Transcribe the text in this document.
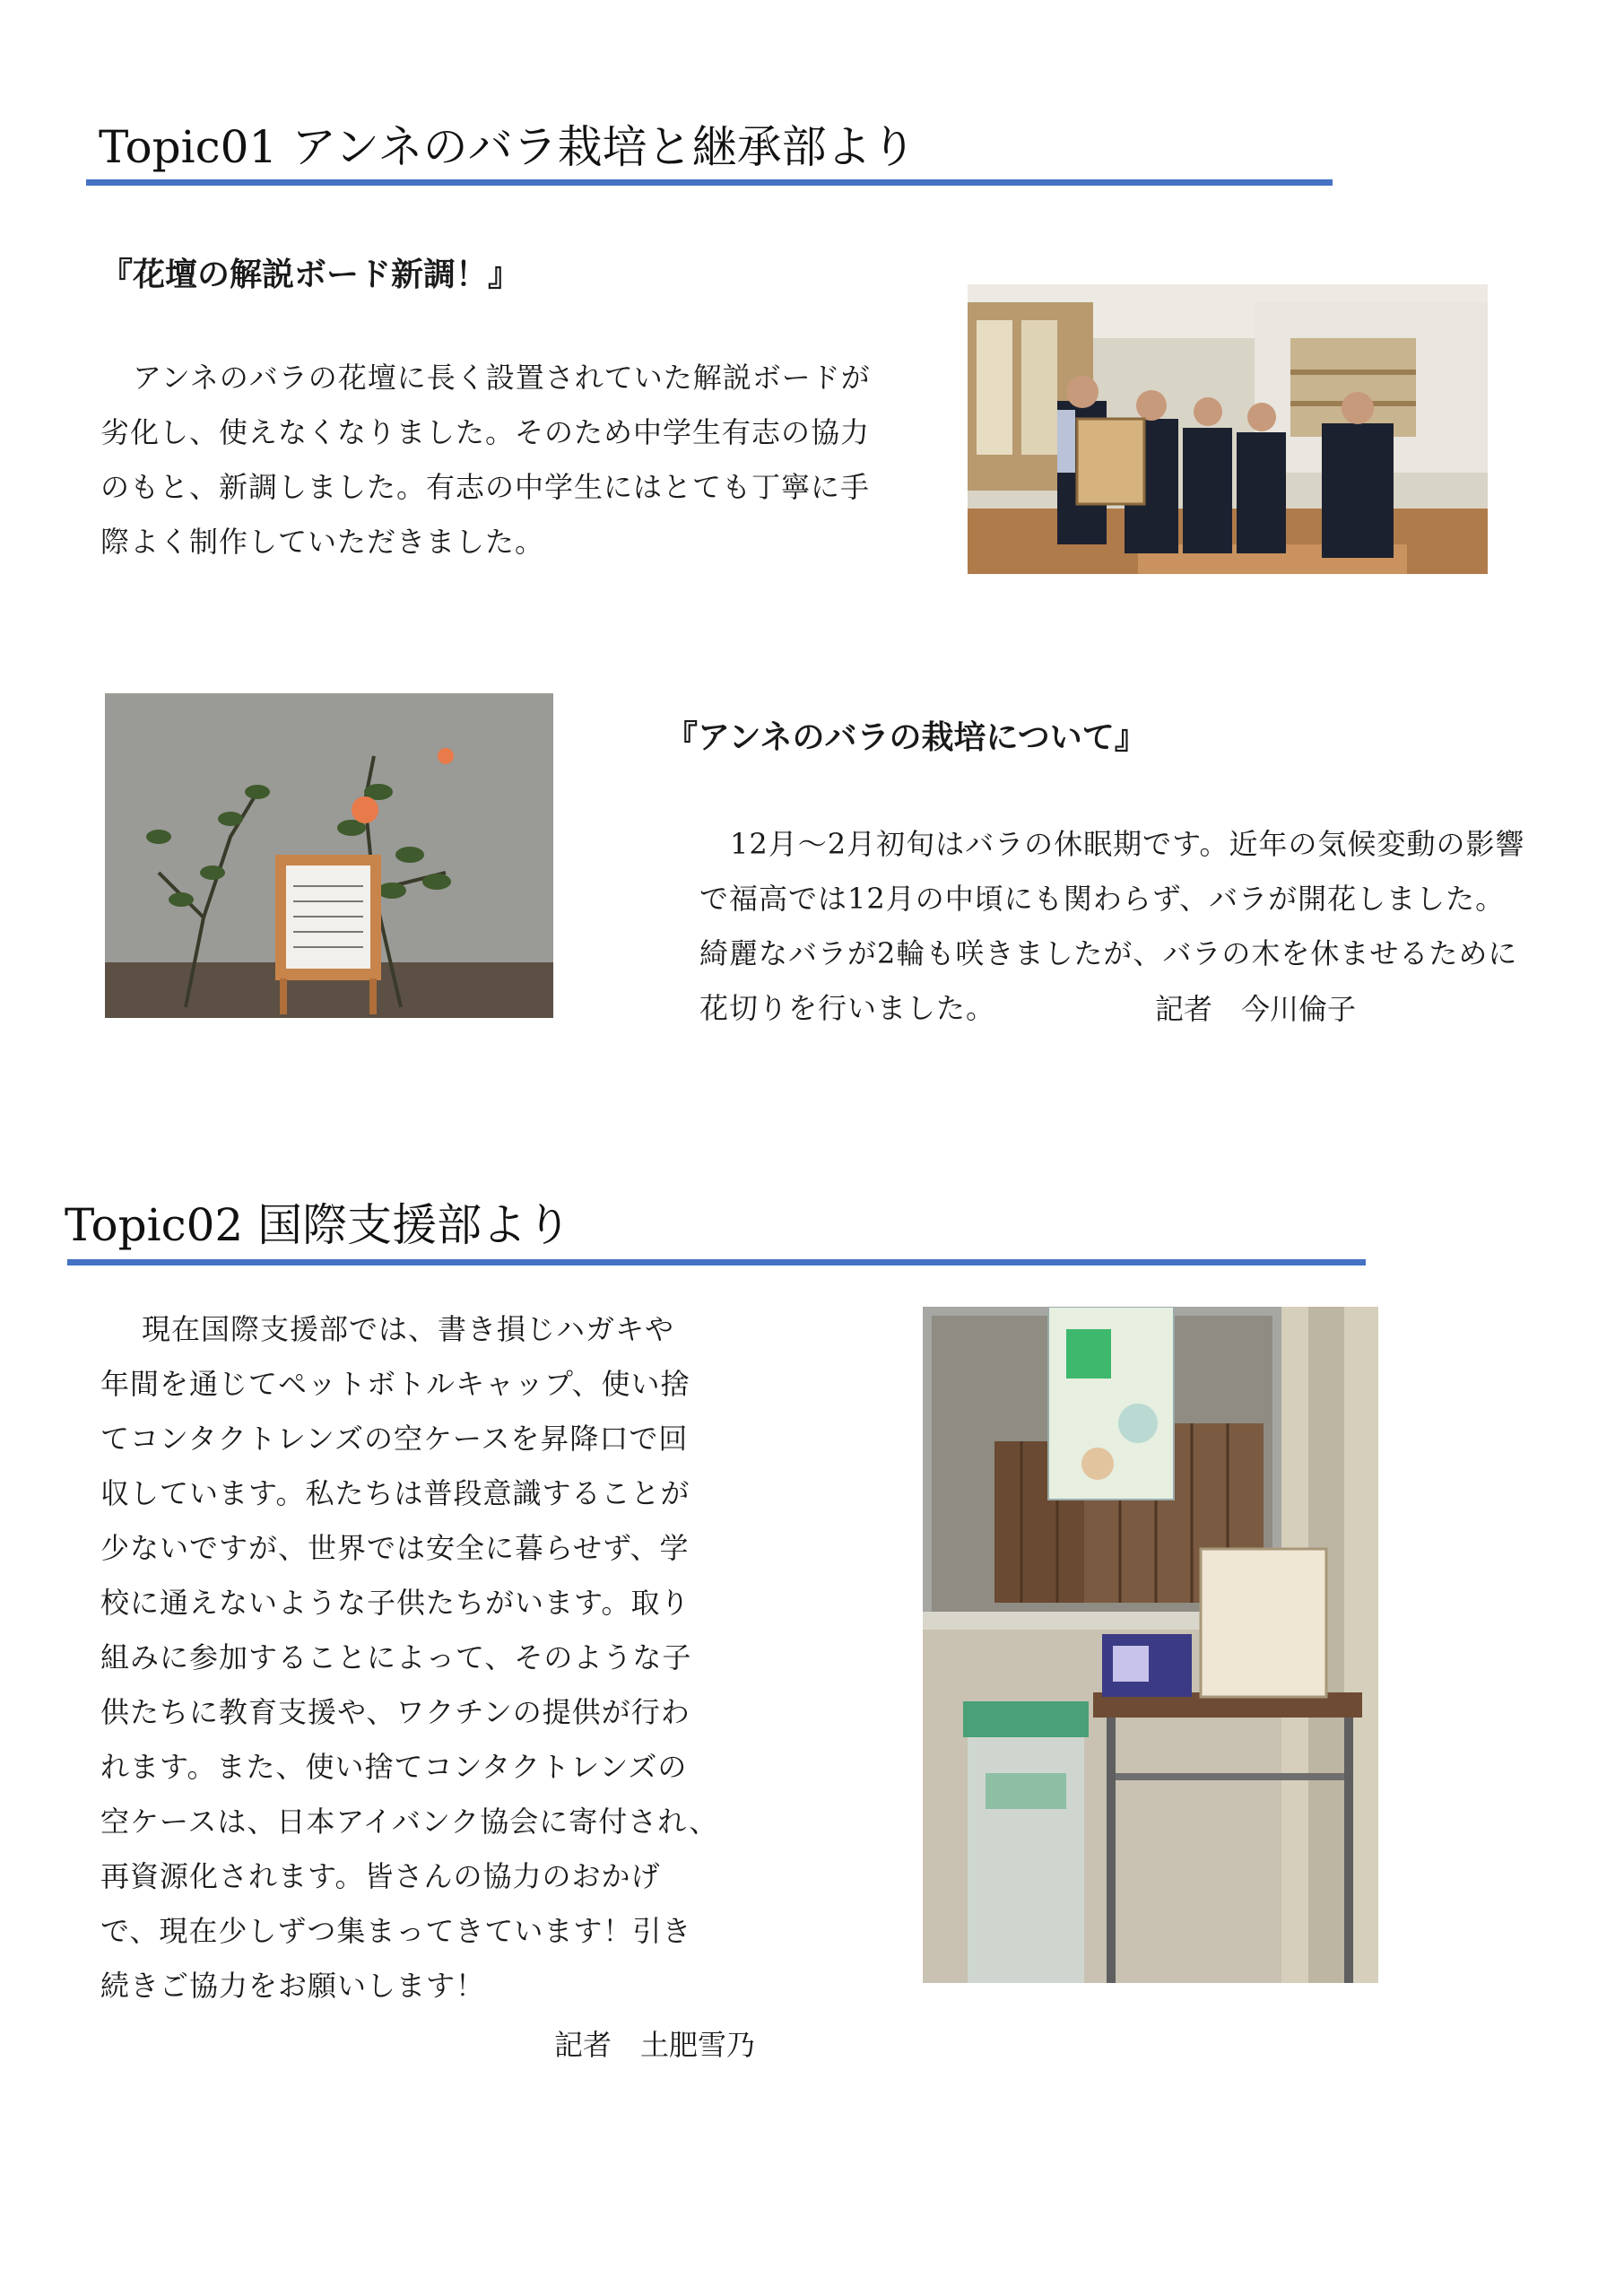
Topic01 アンネのバラ栽培と継承部より
『花壇の解説ボード新調！』

アンネのバラの花壇に長く設置されていた解説ボードが

劣化し、使えなくなりました。そのため中学生有志の協力

のもと、新調しました。有志の中学生にはとても丁寧に手

際よく制作していただきました。

『アンネのバラの栽培について』

12月～2月初旬はバラの休眠期です。近年の気候変動の影響

で福高では12月の中頃にも関わらず、バラが開花しました。

綺麗なバラが2輪も咲きましたが、バラの木を休ませるために

花切りを行いました。	記者　今川倫子
Topic02 国際支援部より

現在国際支援部では、書き損じハガキや

年間を通じてペットボトルキャップ、使い捨

てコンタクトレンズの空ケースを昇降口で回

収しています。私たちは普段意識することが

少ないですが、世界では安全に暮らせず、学

校に通えないような子供たちがいます。取り

組みに参加することによって、そのような子

供たちに教育支援や、ワクチンの提供が行わ

れます。また、使い捨てコンタクトレンズの

空ケースは、日本アイバンク協会に寄付され、

再資源化されます。皆さんの協力のおかげ

で、現在少しずつ集まってきています！引き

続きご協力をお願いします！

記者　土肥雪乃
